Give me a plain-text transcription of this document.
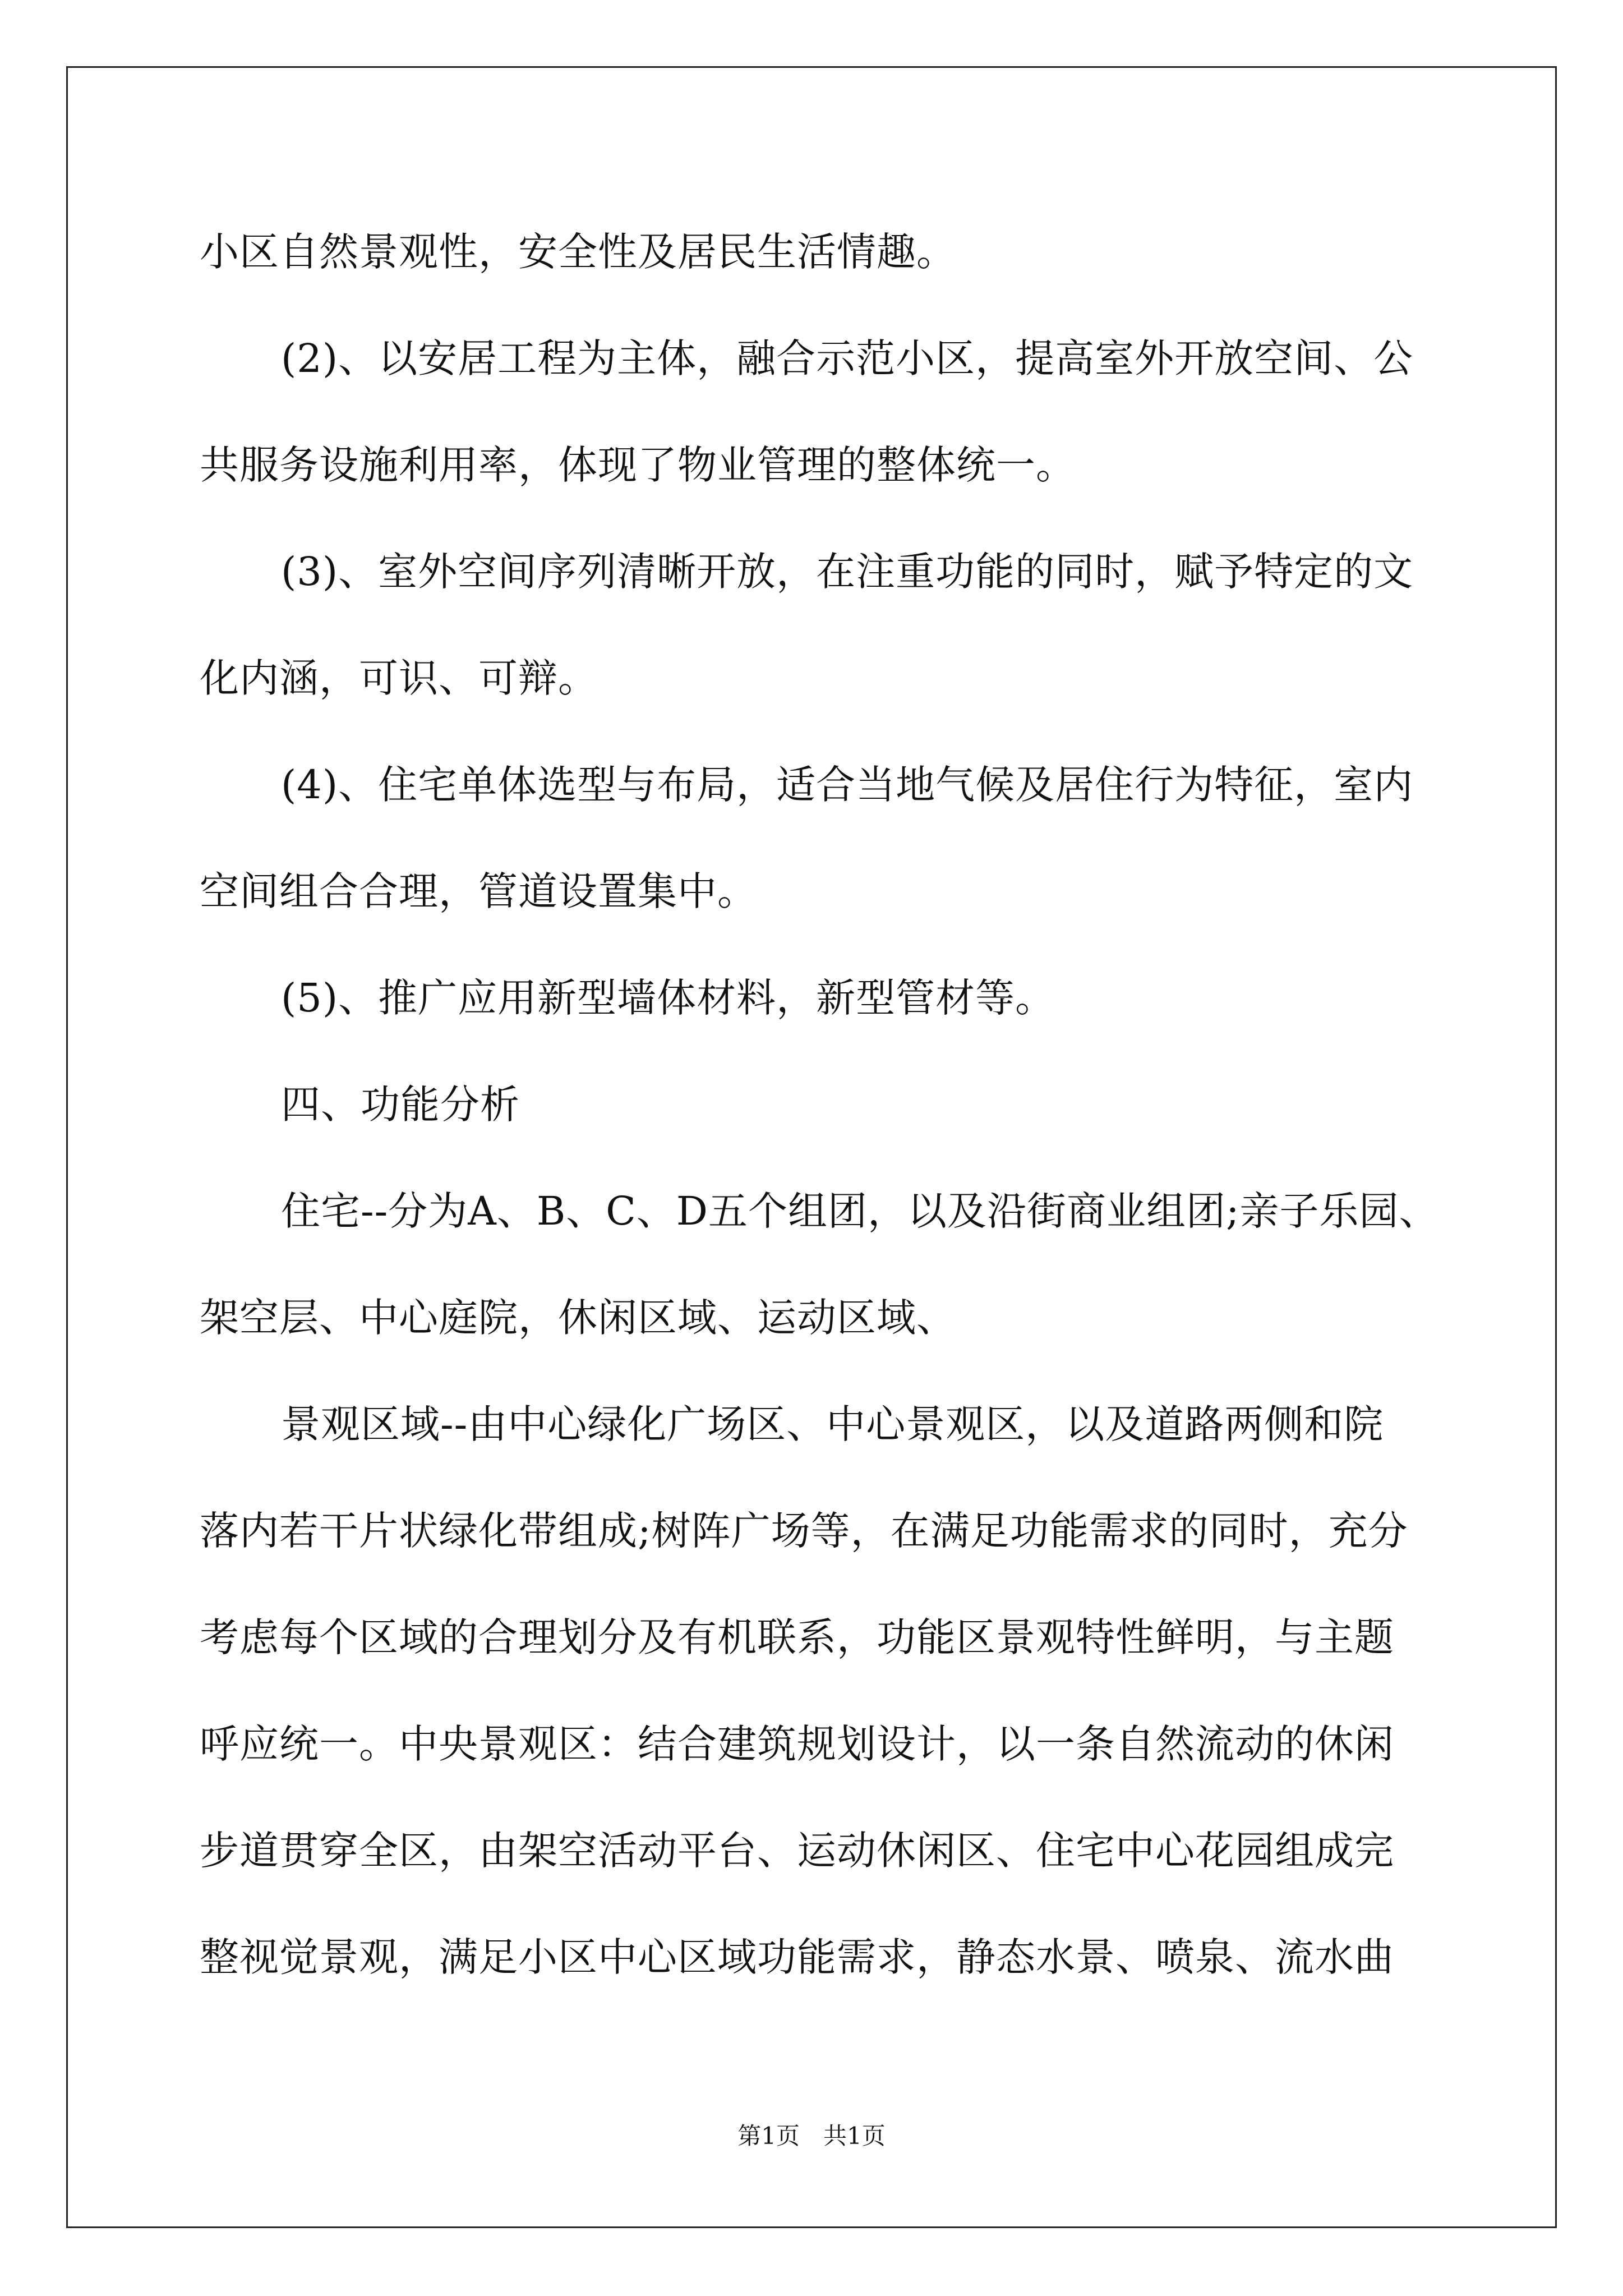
小区自然景观性，安全性及居民生活情趣。
(2)、以安居工程为主体，融合示范小区，提高室外开放空间、公
共服务设施利用率，体现了物业管理的整体统一。
(3)、室外空间序列清晰开放，在注重功能的同时，赋予特定的文
化内涵，可识、可辩。
(4)、住宅单体选型与布局，适合当地气候及居住行为特征，室内
空间组合合理，管道设置集中。
(5)、推广应用新型墙体材料，新型管材等。
四、功能分析
住宅--分为A、B、C、D五个组团，以及沿街商业组团;亲子乐园、
架空层、中心庭院，休闲区域、运动区域、
景观区域--由中心绿化广场区、中心景观区，以及道路两侧和院
落内若干片状绿化带组成;树阵广场等，在满足功能需求的同时，充分
考虑每个区域的合理划分及有机联系，功能区景观特性鲜明，与主题
呼应统一。中央景观区：结合建筑规划设计，以一条自然流动的休闲
步道贯穿全区，由架空活动平台、运动休闲区、住宅中心花园组成完
整视觉景观，满足小区中心区域功能需求，静态水景、喷泉、流水曲
第1页　共1页
